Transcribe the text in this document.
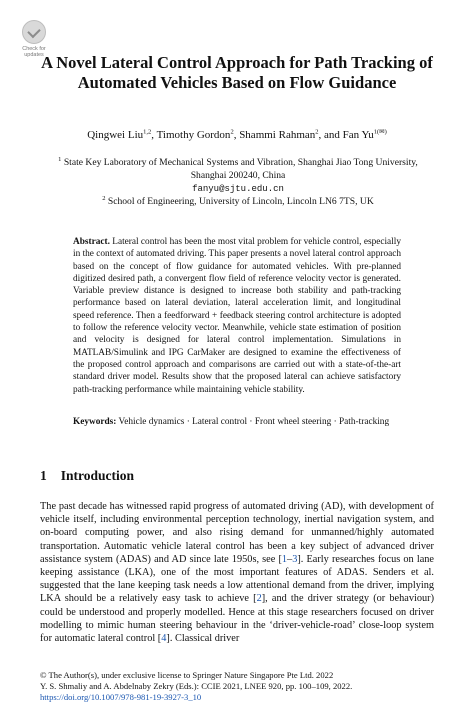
Check for updates
A Novel Lateral Control Approach for Path Tracking of Automated Vehicles Based on Flow Guidance
Qingwei Liu$^{1,2}$, Timothy Gordon$^2$, Shammi Rahman$^2$, and Fan $Yu^{1(✉)}$
$^1$ State Key Laboratory of Mechanical Systems and Vibration, Shanghai Jiao Tong University, Shanghai 200240, China
fanyu@sjtu.edu.cn
$^2$ School of Engineering, University of Lincoln, Lincoln LN6 7TS, UK
Abstract. Lateral control has been the most vital problem for vehicle control, especially in the context of automated driving. This paper presents a novel lateral control approach based on the concept of flow guidance for automated vehicles. With pre-planned digitized desired path, a convergent flow field of reference velocity vector is generated. Variable preview distance is designed to increase both stability and path-tracking performance based on lateral deviation, lateral acceleration limit, and longitudinal speed reference. Then a feedforward + feedback steering control architecture is adopted to follow the reference velocity vector. Meanwhile, vehicle state estimation of position and velocity is designed for lateral control implementation. Simulations in MATLAB/Simulink and IPG CarMaker are designed to examine the effectiveness of the proposed control approach and comparisons are carried out with a state-of-the-art standard driver model. Results show that the proposed lateral can achieve satisfactory path-tracking performance while maintaining vehicle stability.
Keywords: Vehicle dynamics · Lateral control · Front wheel steering · Path-tracking
1 Introduction
The past decade has witnessed rapid progress of automated driving (AD), with development of vehicle itself, including environmental perception technology, inertial navigation system, and on-board computing power, and also rising demand for unmanned/highly automated transportation. Automatic vehicle lateral control has been a key subject of advanced driver assistance system (ADAS) and AD since late 1950s, see [1–3]. Early researches focus on lane keeping assistance (LKA), one of the most important features of ADAS. Senders et al. suggested that the lane keeping task needs a low attentional demand from the driver, implying LKA should be a relatively easy task to achieve [2], and the driver strategy (or behaviour) could be understood and properly modelled. Hence at this stage researchers focused on driver modelling to mimic human steering behaviour in the ‘driver-vehicle-road’ close-loop system for automatic lateral control [4]. Classical driver
© The Author(s), under exclusive license to Springer Nature Singapore Pte Ltd. 2022
Y. S. Shmaliy and A. Abdelnaby Zekry (Eds.): CCIE 2021, LNEE 920, pp. 100–109, 2022.
https://doi.org/10.1007/978-981-19-3927-3_10
